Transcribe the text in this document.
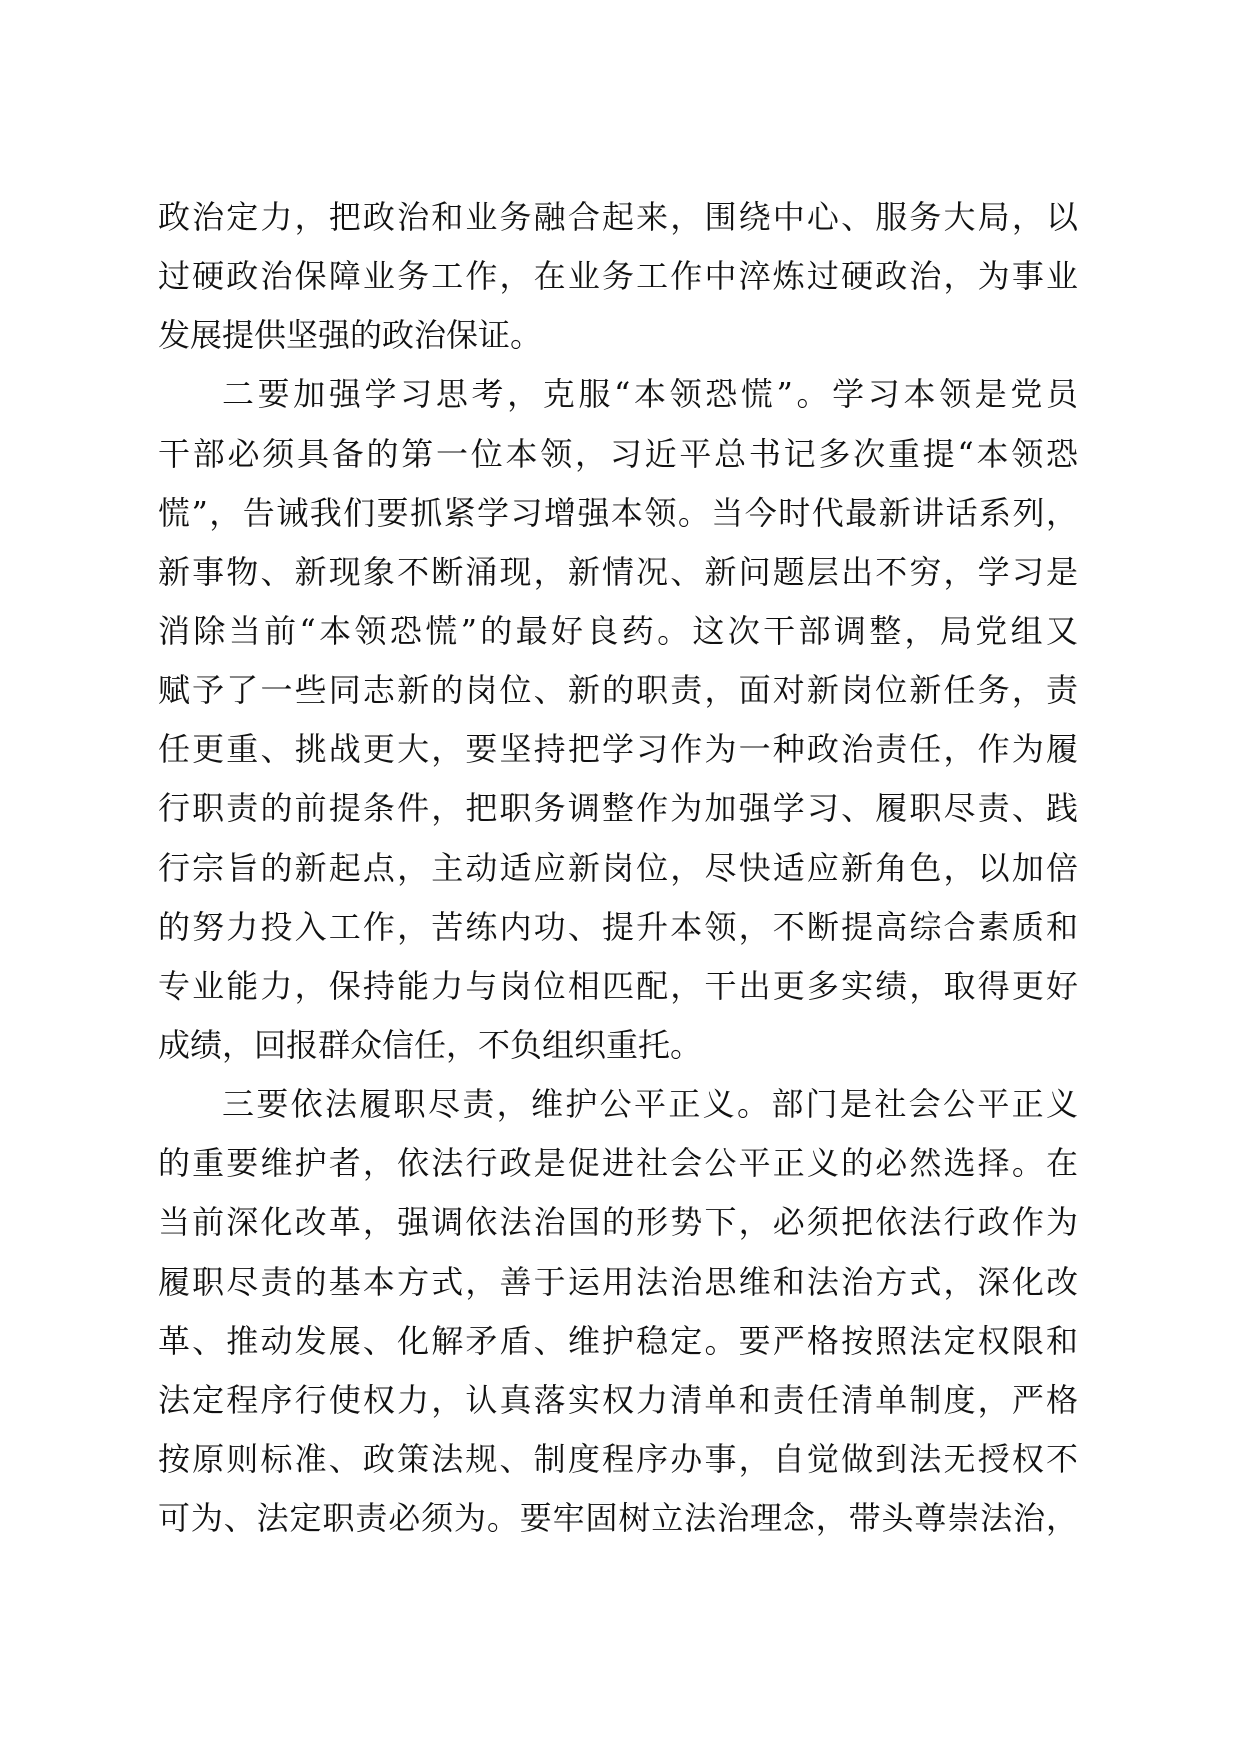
政治定力，把政治和业务融合起来，围绕中心、服务大局，以
过硬政治保障业务工作，在业务工作中淬炼过硬政治，为事业
发展提供坚强的政治保证。
二要加强学习思考，克服“本领恐慌”。学习本领是党员
干部必须具备的第一位本领，习近平总书记多次重提“本领恐
慌”，告诫我们要抓紧学习增强本领。当今时代最新讲话系列，
新事物、新现象不断涌现，新情况、新问题层出不穷，学习是
消除当前“本领恐慌”的最好良药。这次干部调整，局党组又
赋予了一些同志新的岗位、新的职责，面对新岗位新任务，责
任更重、挑战更大，要坚持把学习作为一种政治责任，作为履
行职责的前提条件，把职务调整作为加强学习、履职尽责、践
行宗旨的新起点，主动适应新岗位，尽快适应新角色，以加倍
的努力投入工作，苦练内功、提升本领，不断提高综合素质和
专业能力，保持能力与岗位相匹配，干出更多实绩，取得更好
成绩，回报群众信任，不负组织重托。
三要依法履职尽责，维护公平正义。部门是社会公平正义
的重要维护者，依法行政是促进社会公平正义的必然选择。在
当前深化改革，强调依法治国的形势下，必须把依法行政作为
履职尽责的基本方式，善于运用法治思维和法治方式，深化改
革、推动发展、化解矛盾、维护稳定。要严格按照法定权限和
法定程序行使权力，认真落实权力清单和责任清单制度，严格
按原则标准、政策法规、制度程序办事，自觉做到法无授权不
可为、法定职责必须为。要牢固树立法治理念，带头尊崇法治，
